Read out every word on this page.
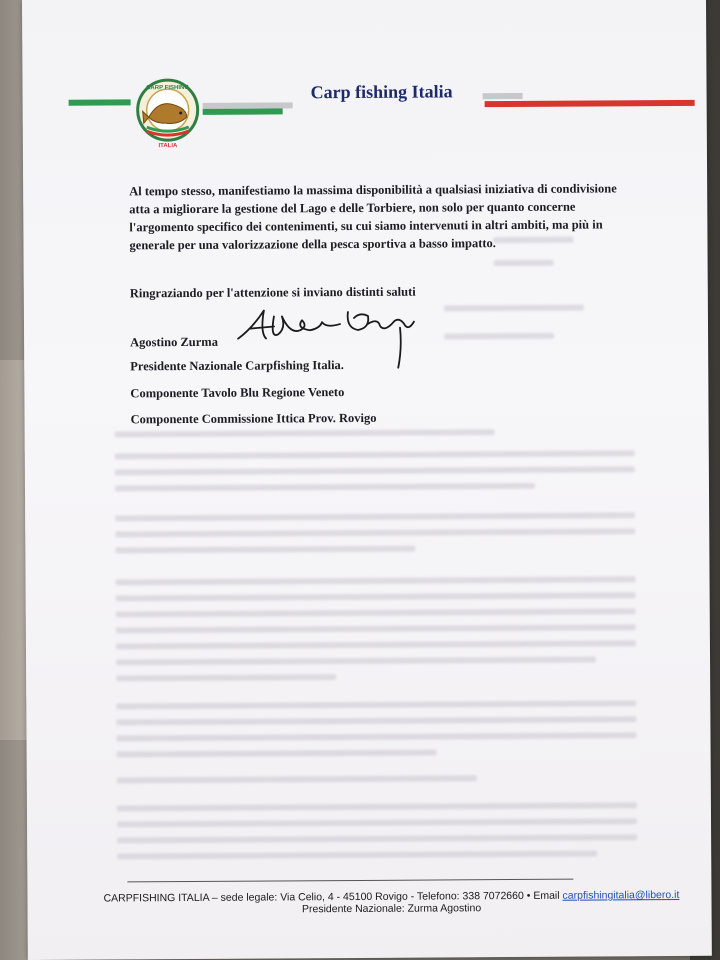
CARP FISHING
ITALIA
Carp fishing Italia
Al tempo stesso, manifestiamo la massima disponibilità a qualsiasi iniziativa di condivisione atta a migliorare la gestione del Lago e delle Torbiere, non solo per quanto concerne l'argomento specifico dei contenimenti, su cui siamo intervenuti in altri ambiti, ma più in generale per una valorizzazione della pesca sportiva a basso impatto.
Ringraziando per l'attenzione si inviano distinti saluti
Agostino Zurma
Presidente Nazionale Carpfishing Italia.
Componente Tavolo Blu Regione Veneto
Componente Commissione Ittica Prov. Rovigo
CARPFISHING ITALIA – sede legale: Via Celio, 4 - 45100 Rovigo - Telefono: 338 7072660 • Email carpfishingitalia@libero.it
Presidente Nazionale: Zurma Agostino
